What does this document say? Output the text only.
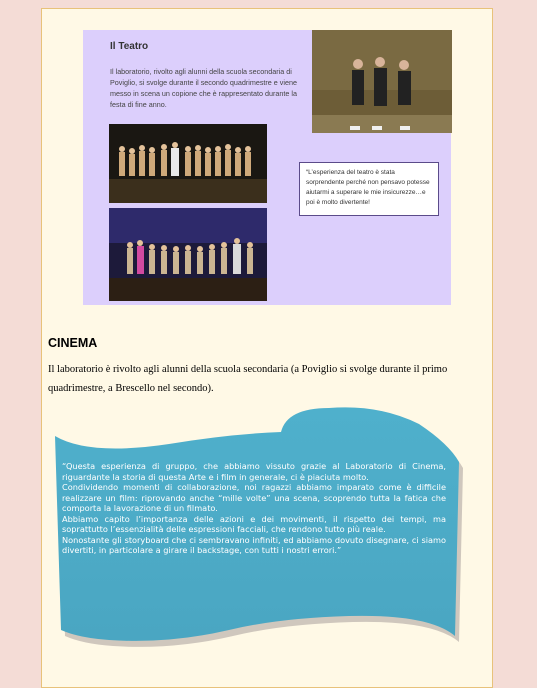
Il Teatro
Il laboratorio, rivolto agli alunni della scuola secondaria di Poviglio, si svolge durante il secondo quadrimestre e viene messo in scena un copione che è rappresentato durante la festa di fine anno.
“L’esperienza del teatro è stata sorprendente perché non pensavo potesse aiutarmi a superare le mie insicurezze…e poi è molto divertente!
CINEMA
Il laboratorio è rivolto agli alunni della scuola secondaria (a Poviglio si svolge durante il primo quadrimestre, a Brescello nel secondo).

“Questa esperienza di gruppo, che abbiamo vissuto grazie al Laboratorio di Cinema, riguardante la storia di questa Arte e i film in generale, ci è piaciuta molto.

Condividendo momenti di collaborazione, noi ragazzi abbiamo imparato come è difficile realizzare un film: riprovando anche “mille volte” una scena, scoprendo tutta la fatica che comporta la lavorazione di un filmato.

Abbiamo capito l’importanza delle azioni e dei movimenti, il rispetto dei tempi, ma soprattutto l’essenzialità delle espressioni facciali, che rendono tutto più reale.

Nonostante gli storyboard che ci sembravano infiniti, ed abbiamo dovuto disegnare, ci siamo divertiti, in particolare a girare il backstage, con tutti i nostri errori.”
